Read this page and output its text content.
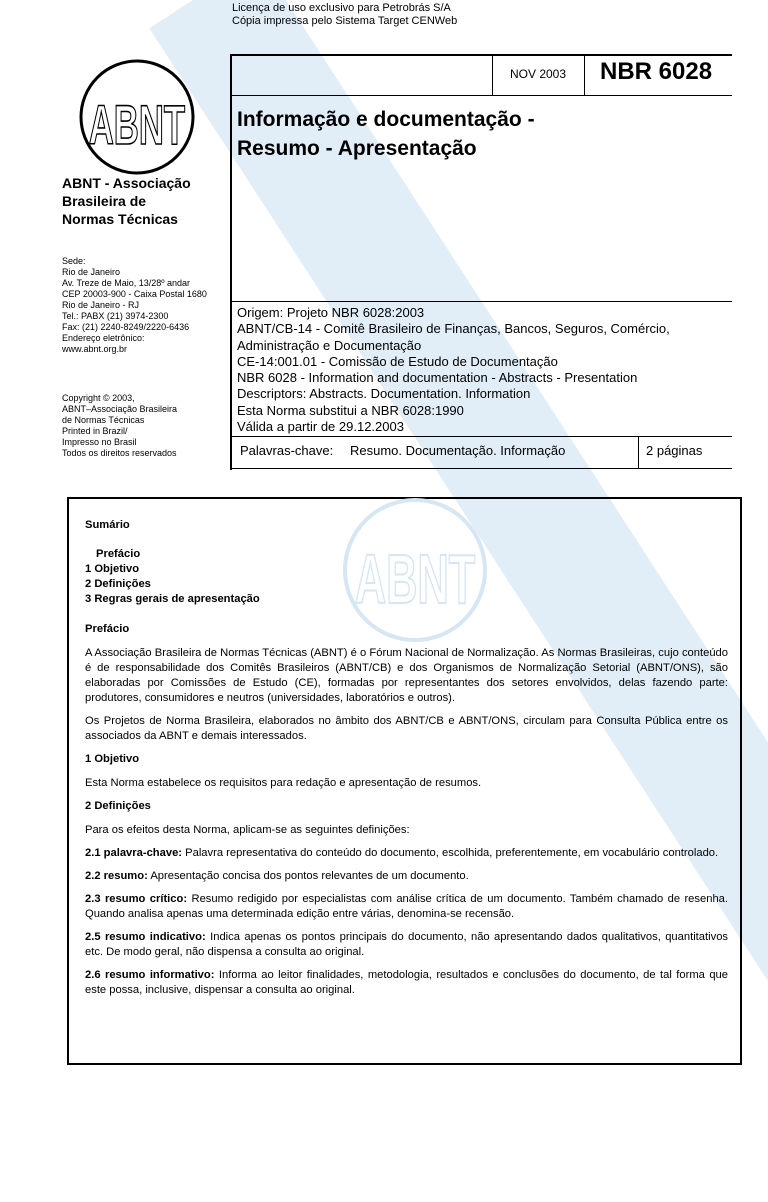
Licença de uso exclusivo para Petrobrás S/A
Cópia impressa pelo Sistema Target CENWeb
ABNT
ABNT - Associação
Brasileira de
Normas Técnicas
Sede:
Rio de Janeiro
Av. Treze de Maio, 13/28º andar
CEP 20003-900 - Caixa Postal 1680
Rio de Janeiro - RJ
Tel.: PABX (21) 3974-2300
Fax: (21) 2240-8249/2220-6436
Endereço eletrônico:
www.abnt.org.br
Copyright © 2003,
ABNT–Associação Brasileira
de Normas Técnicas
Printed in Brazil/
Impresso no Brasil
Todos os direitos reservados
NOV 2003 NBR 6028
Informação e documentação -
Resumo - Apresentação
Origem: Projeto NBR 6028:2003
ABNT/CB-14 - Comitê Brasileiro de Finanças, Bancos, Seguros, Comércio,
Administração e Documentação
CE-14:001.01 - Comissão de Estudo de Documentação
NBR 6028 - Information and documentation - Abstracts - Presentation
Descriptors: Abstracts. Documentation. Information
Esta Norma substitui a NBR 6028:1990
Válida a partir de 29.12.2003
Palavras-chave: Resumo. Documentação. Informação	2 páginas
ABNT
Sumário
Prefácio
1 Objetivo
2 Definições
3 Regras gerais de apresentação
Prefácio

A Associação Brasileira de Normas Técnicas (ABNT) é o Fórum Nacional de Normalização. As Normas Brasileiras, cujo conteúdo é de responsabilidade dos Comitês Brasileiros (ABNT/CB) e dos Organismos de Normalização Setorial (ABNT/ONS), são elaboradas por Comissões de Estudo (CE), formadas por representantes dos setores envolvidos, delas fazendo parte: produtores, consumidores e neutros (universidades, laboratórios e outros).

Os Projetos de Norma Brasileira, elaborados no âmbito dos ABNT/CB e ABNT/ONS, circulam para Consulta Pública entre os associados da ABNT e demais interessados.

1 Objetivo

Esta Norma estabelece os requisitos para redação e apresentação de resumos.

2 Definições

Para os efeitos desta Norma, aplicam-se as seguintes definições:

2.1 palavra-chave: Palavra representativa do conteúdo do documento, escolhida, preferentemente, em vocabulário controlado.

2.2 resumo: Apresentação concisa dos pontos relevantes de um documento.

2.3 resumo crítico: Resumo redigido por especialistas com análise crítica de um documento. Também chamado de resenha. Quando analisa apenas uma determinada edição entre várias, denomina-se recensão.

2.5 resumo indicativo: Indica apenas os pontos principais do documento, não apresentando dados qualitativos, quantitativos etc. De modo geral, não dispensa a consulta ao original.

2.6 resumo informativo: Informa ao leitor finalidades, metodologia, resultados e conclusões do documento, de tal forma que este possa, inclusive, dispensar a consulta ao original.
